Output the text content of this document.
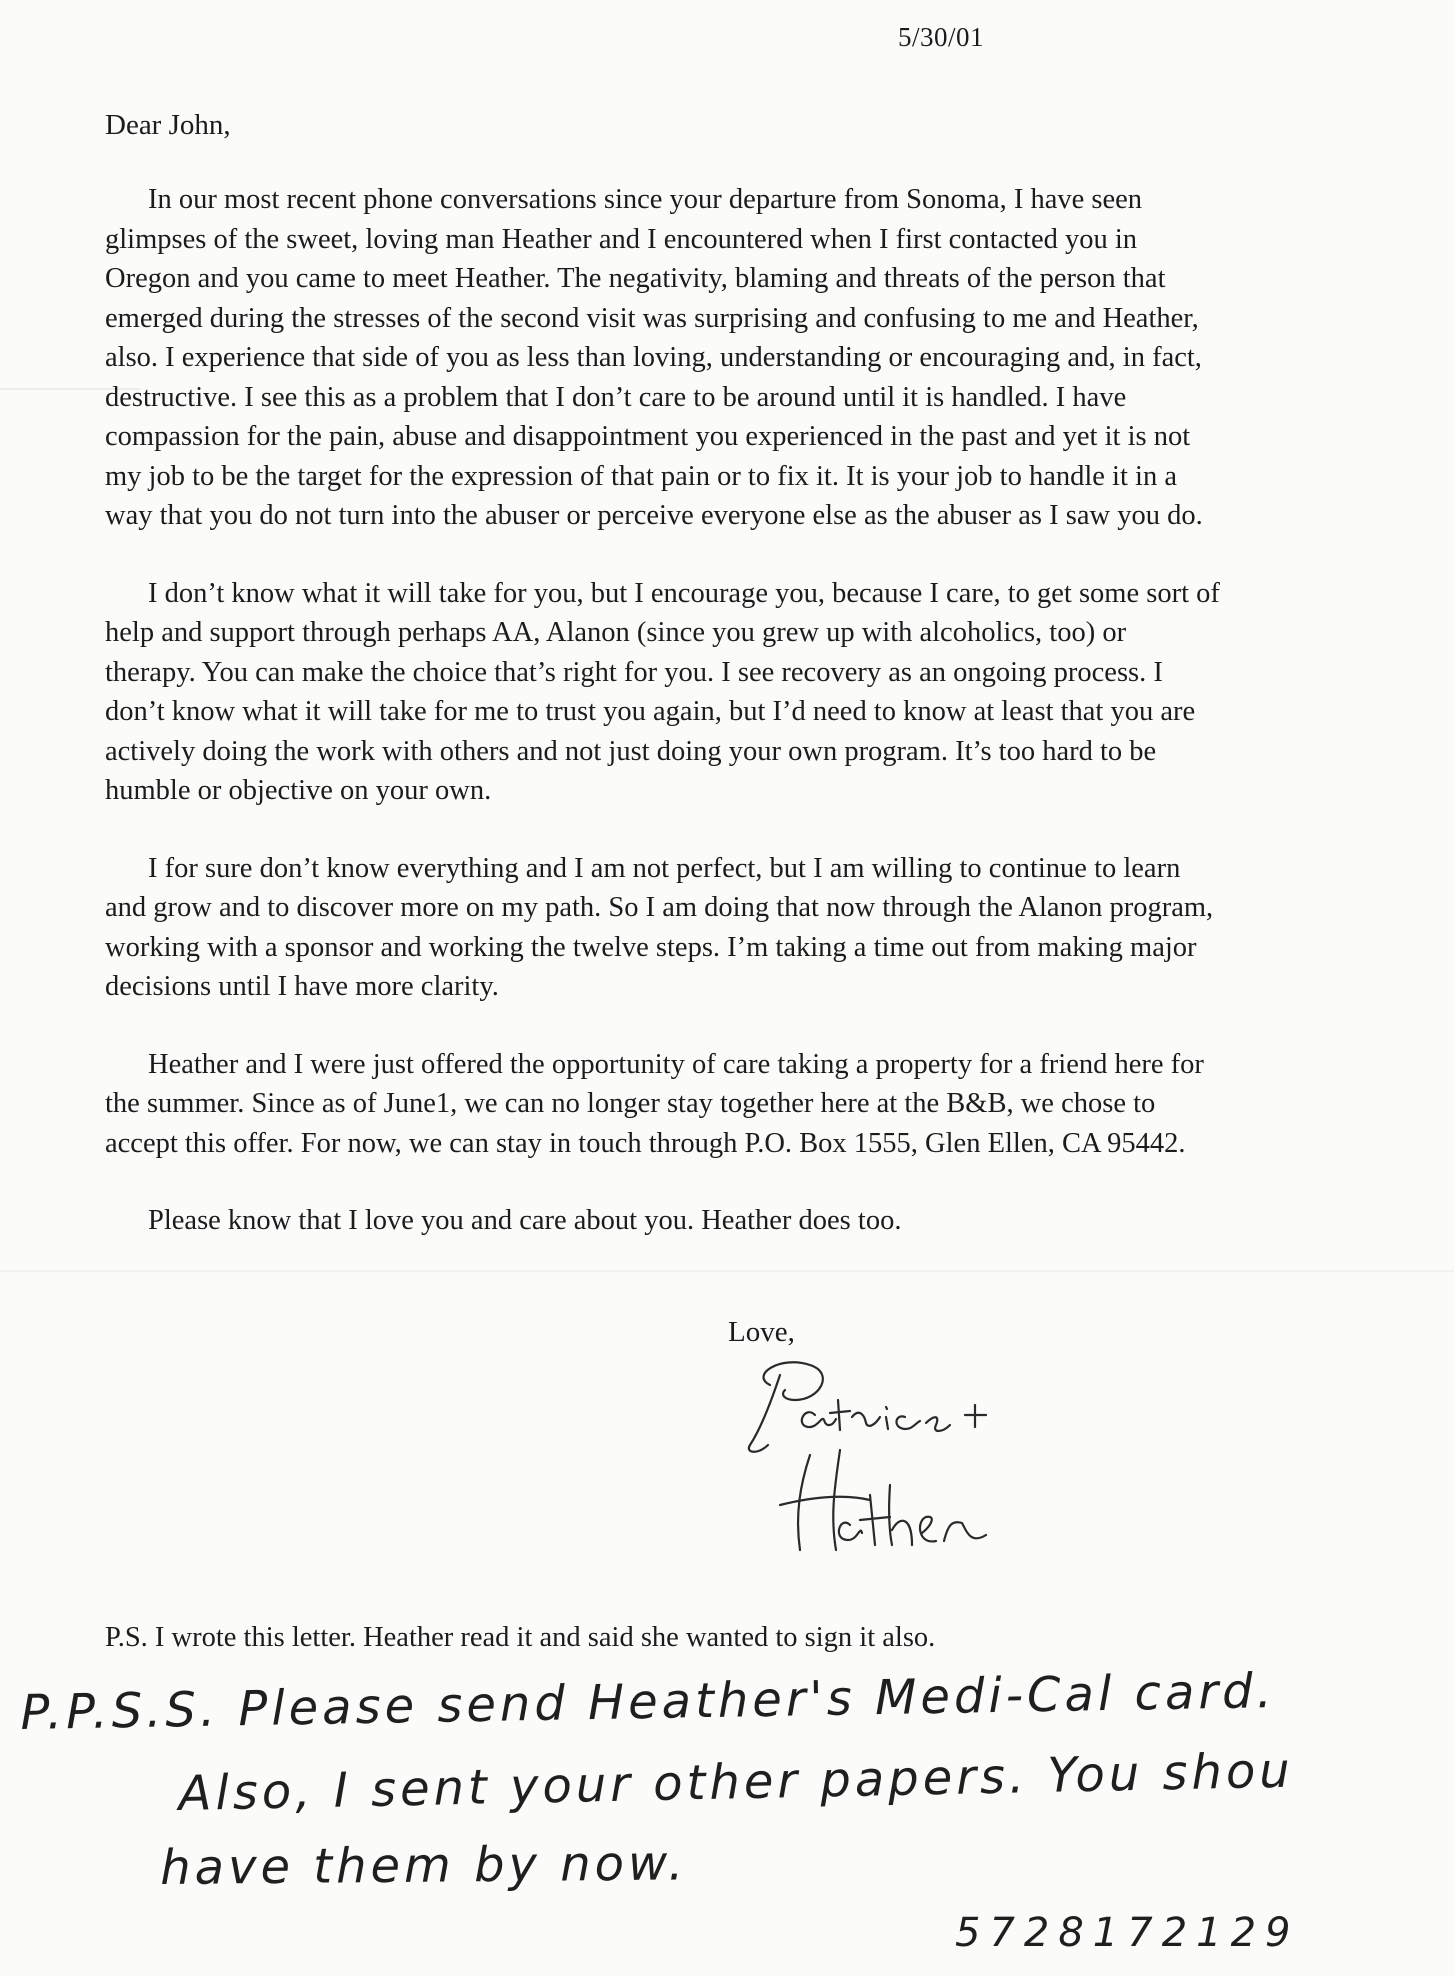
5/30/01
Dear John,

In our most recent phone conversations since your departure from Sonoma, I have seen
glimpses of the sweet, loving man Heather and I encountered when I first contacted you in
Oregon and you came to meet Heather. The negativity, blaming and threats of the person that
emerged during the stresses of the second visit was surprising and confusing to me and Heather,
also. I experience that side of you as less than loving, understanding or encouraging and, in fact,
destructive. I see this as a problem that I don’t care to be around until it is handled. I have
compassion for the pain, abuse and disappointment you experienced in the past and yet it is not
my job to be the target for the expression of that pain or to fix it. It is your job to handle it in a
way that you do not turn into the abuser or perceive everyone else as the abuser as I saw you do.

I don’t know what it will take for you, but I encourage you, because I care, to get some sort of
help and support through perhaps AA, Alanon (since you grew up with alcoholics, too) or
therapy. You can make the choice that’s right for you. I see recovery as an ongoing process. I
don’t know what it will take for me to trust you again, but I’d need to know at least that you are
actively doing the work with others and not just doing your own program. It’s too hard to be
humble or objective on your own.

I for sure don’t know everything and I am not perfect, but I am willing to continue to learn
and grow and to discover more on my path. So I am doing that now through the Alanon program,
working with a sponsor and working the twelve steps. I’m taking a time out from making major
decisions until I have more clarity.

Heather and I were just offered the opportunity of care taking a property for a friend here for
the summer. Since as of June1, we can no longer stay together here at the B&B, we chose to
accept this offer. For now, we can stay in touch through P.O. Box 1555, Glen Ellen, CA 95442.

Please know that I love you and care about you. Heather does too.

Love,
P.S. I wrote this letter. Heather read it and said she wanted to sign it also.
P.P.S.S. Please send Heather's Medi-Cal card.
Also, I sent your other papers. You shou
have them by now.
5728172129
